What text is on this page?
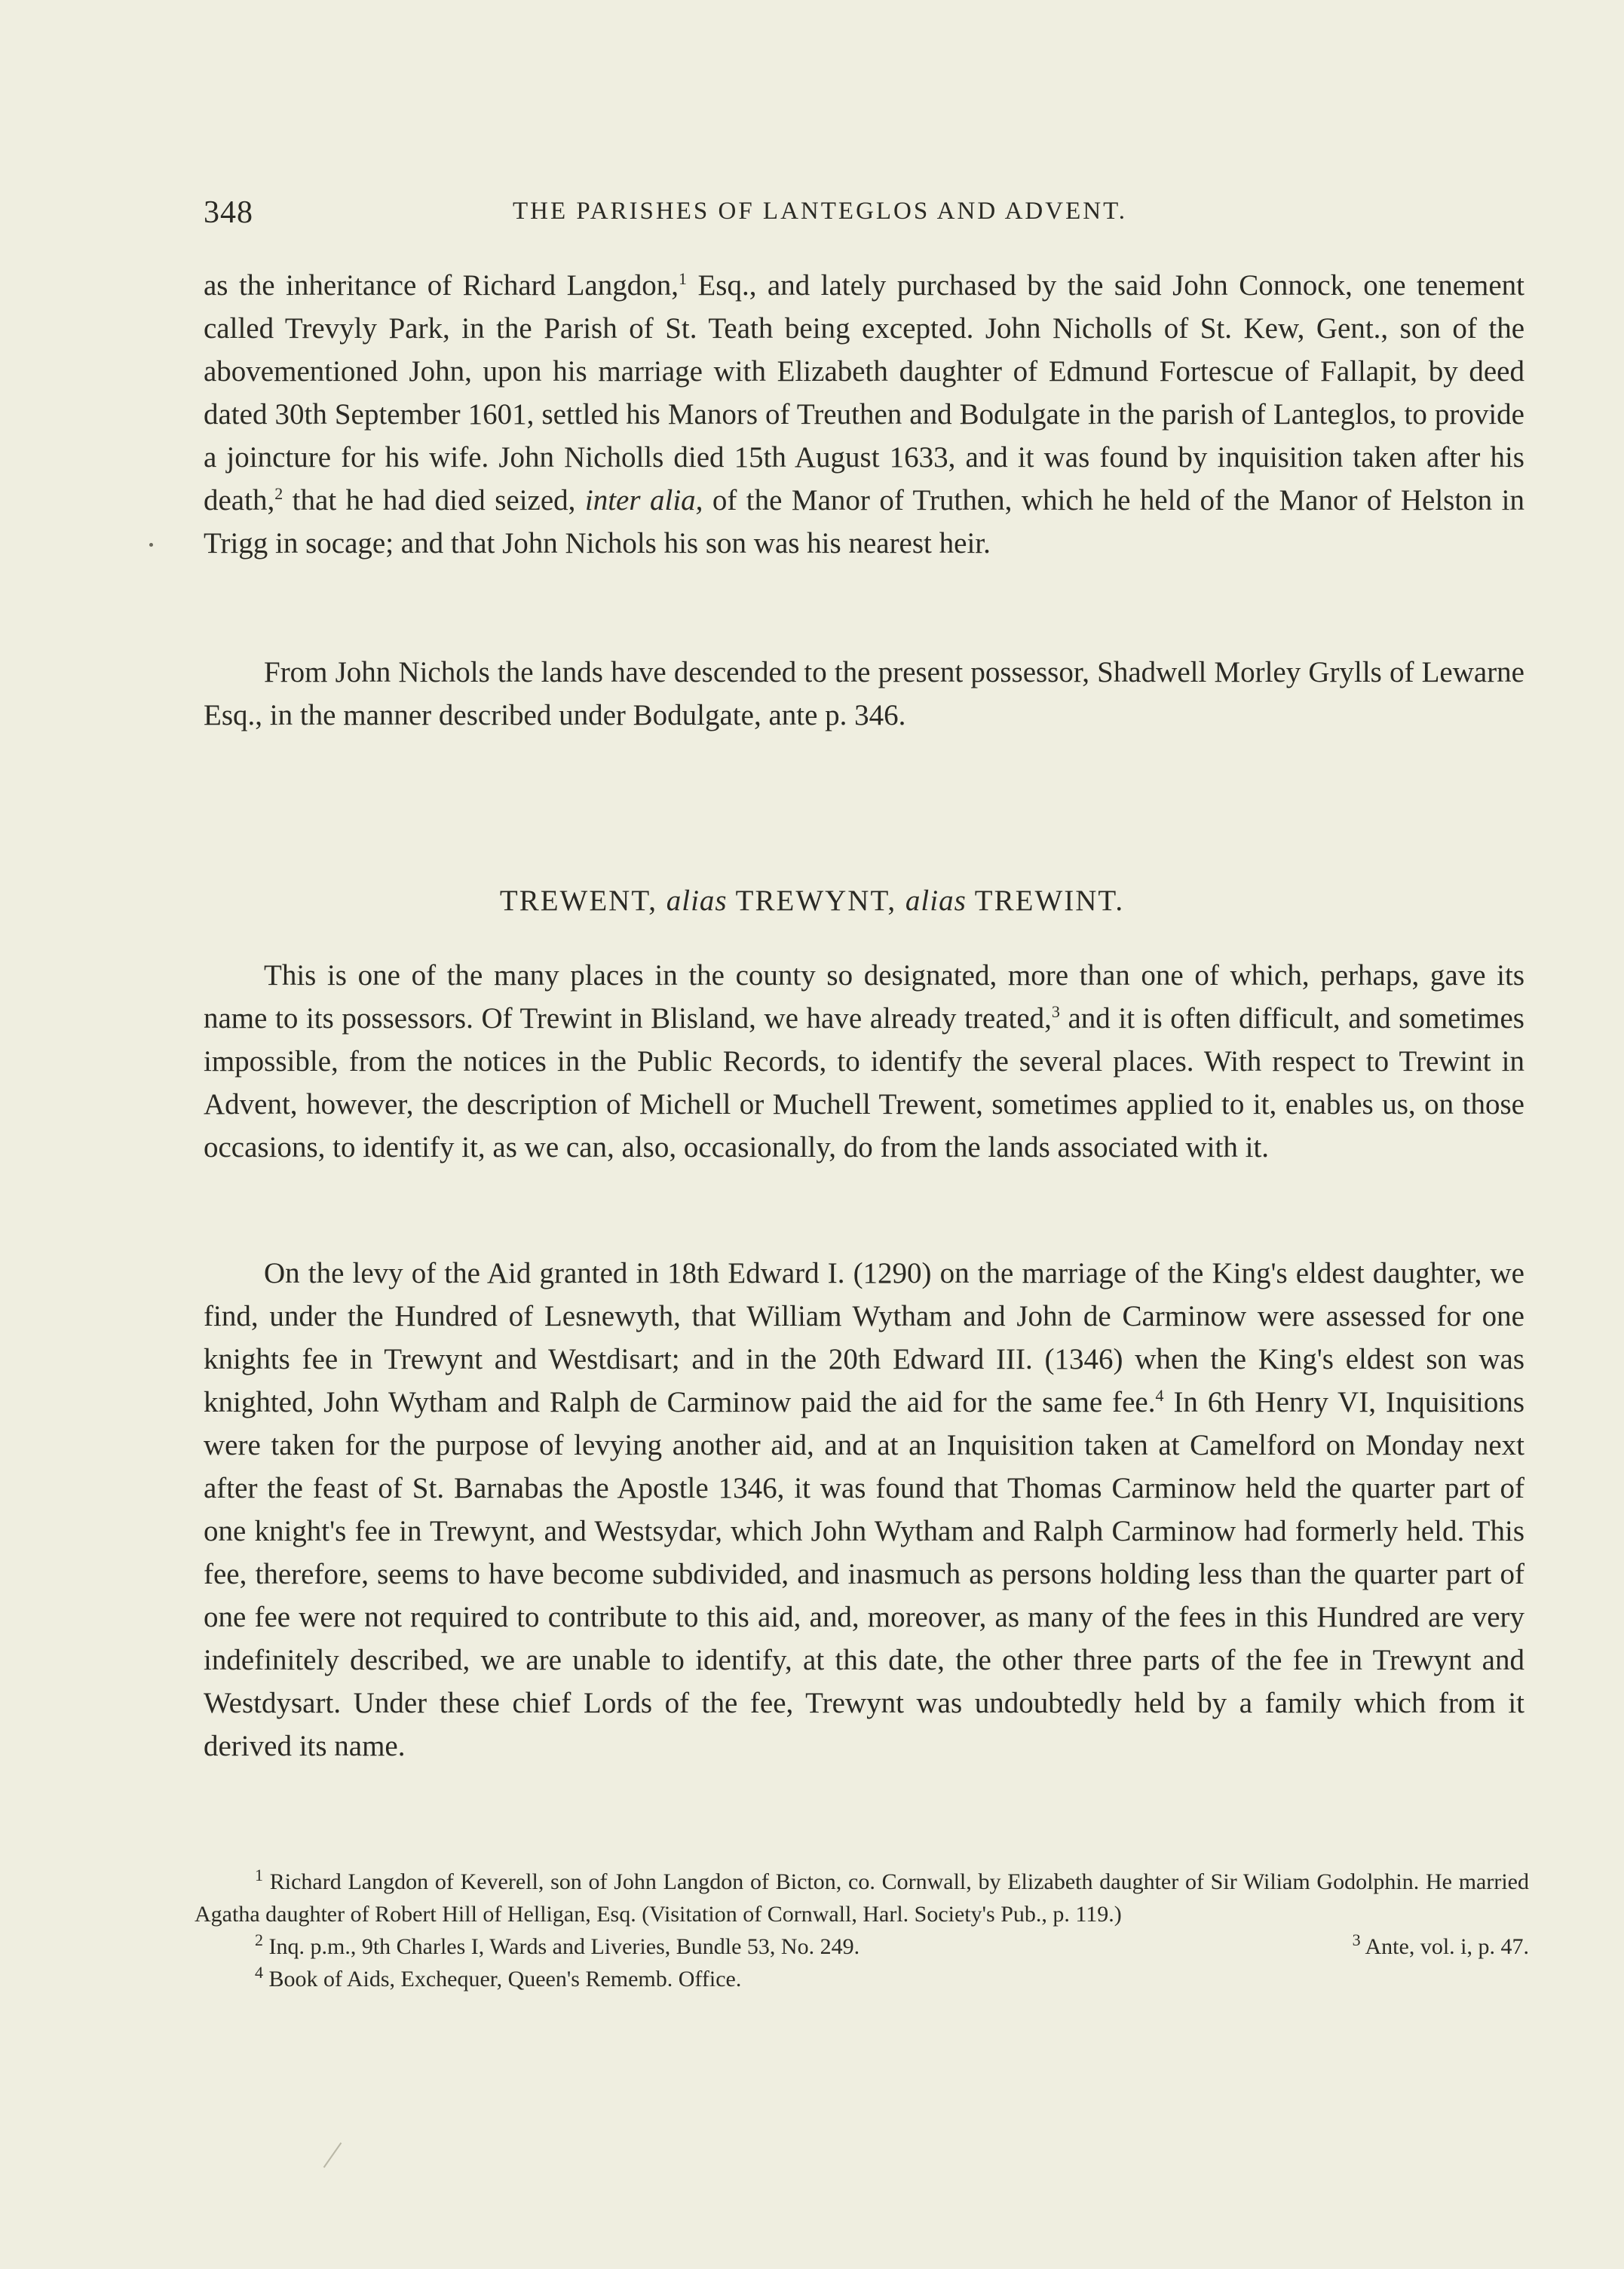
348	THE PARISHES OF LANTEGLOS AND ADVENT.

as the inheritance of Richard Langdon,$^1$ Esq., and lately purchased by the said John Connock, one tenement called Trevyly Park, in the Parish of St. Teath being excepted. John Nicholls of St. Kew, Gent., son of the abovementioned John, upon his marriage with Elizabeth daughter of Edmund Fortescue of Fallapit, by deed dated 30th September 1601, settled his Manors of Treuthen and Bodulgate in the parish of Lanteglos, to provide a joincture for his wife. John Nicholls died 15th August 1633, and it was found by inquisition taken after his death,$^2$ that he had died seized, inter alia, of the Manor of Truthen, which he held of the Manor of Helston in Trigg in socage; and that John Nichols his son was his nearest heir.

From John Nichols the lands have descended to the present possessor, Shadwell Morley Grylls of Lewarne Esq., in the manner described under Bodulgate, ante p. 346.

TREWENT, alias TREWYNT, alias TREWINT.

This is one of the many places in the county so designated, more than one of which, perhaps, gave its name to its possessors. Of Trewint in Blisland, we have already treated,$^3$ and it is often difficult, and sometimes impossible, from the notices in the Public Records, to identify the several places. With respect to Trewint in Advent, however, the description of Michell or Muchell Trewent, sometimes applied to it, enables us, on those occasions, to identify it, as we can, also, occasionally, do from the lands associated with it.

On the levy of the Aid granted in 18th Edward I. (1290) on the marriage of the King's eldest daughter, we find, under the Hundred of Lesnewyth, that William Wytham and John de Carminow were assessed for one knights fee in Trewynt and Westdisart; and in the 20th Edward III. (1346) when the King's eldest son was knighted, John Wytham and Ralph de Carminow paid the aid for the same fee.$^4$ In 6th Henry VI, Inquisitions were taken for the purpose of levying another aid, and at an Inquisition taken at Camelford on Monday next after the feast of St. Barnabas the Apostle 1346, it was found that Thomas Carminow held the quarter part of one knight's fee in Trewynt, and Westsydar, which John Wytham and Ralph Carminow had formerly held. This fee, therefore, seems to have become subdivided, and inasmuch as persons holding less than the quarter part of one fee were not required to contribute to this aid, and, moreover, as many of the fees in this Hundred are very indefinitely described, we are unable to identify, at this date, the other three parts of the fee in Trewynt and Westdysart. Under these chief Lords of the fee, Trewynt was undoubtedly held by a family which from it derived its name.

$^1$ Richard Langdon of Keverell, son of John Langdon of Bicton, co. Cornwall, by Elizabeth daughter of Sir Wiliam Godolphin. He married Agatha daughter of Robert Hill of Helligan, Esq. (Visitation of Cornwall, Harl. Society's Pub., p. 119.)

$^2$ Inq. p.m., 9th Charles I, Wards and Liveries, Bundle 53, No. 249.	$^3$ Ante, vol. i, p. 47.

$^4$ Book of Aids, Exchequer, Queen's Rememb. Office.
